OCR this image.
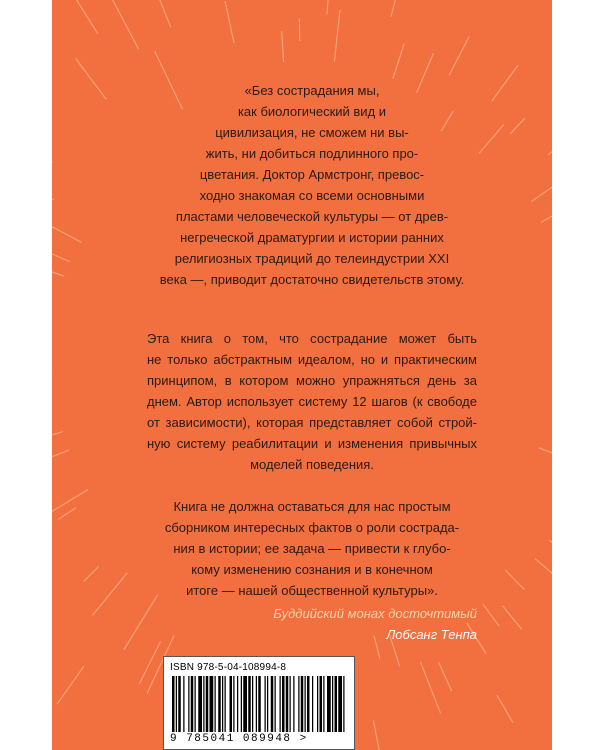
«Без сострадания мы,
как биологический вид и
цивилизация, не сможем ни вы-
жить, ни добиться подлинного про-
цветания. Доктор Армстронг, превос-
ходно знакомая со всеми основными
пластами человеческой культуры — от древ-
негреческой драматургии и истории ранних
религиозных традиций до телеиндустрии XXI
века —, приводит достаточно свидетельств этому.

Эта книга о том, что сострадание может быть
не только абстрактным идеалом, но и практическим
принципом, в котором можно упражняться день за
днем. Автор использует систему 12 шагов (к свободе
от зависимости), которая представляет собой строй-
ную систему реабилитации и изменения привычных
моделей поведения.

Книга не должна оставаться для нас простым
сборником интересных фактов о роли сострада-
ния в истории; ее задача — привести к глубо-
кому изменению сознания и в конечном
итоге — нашей общественной культуры».

Буддийский монах досточтимый
Лобсанг Тенпа
ISBN 978-5-04-108994-8
9 785041 089948 >
